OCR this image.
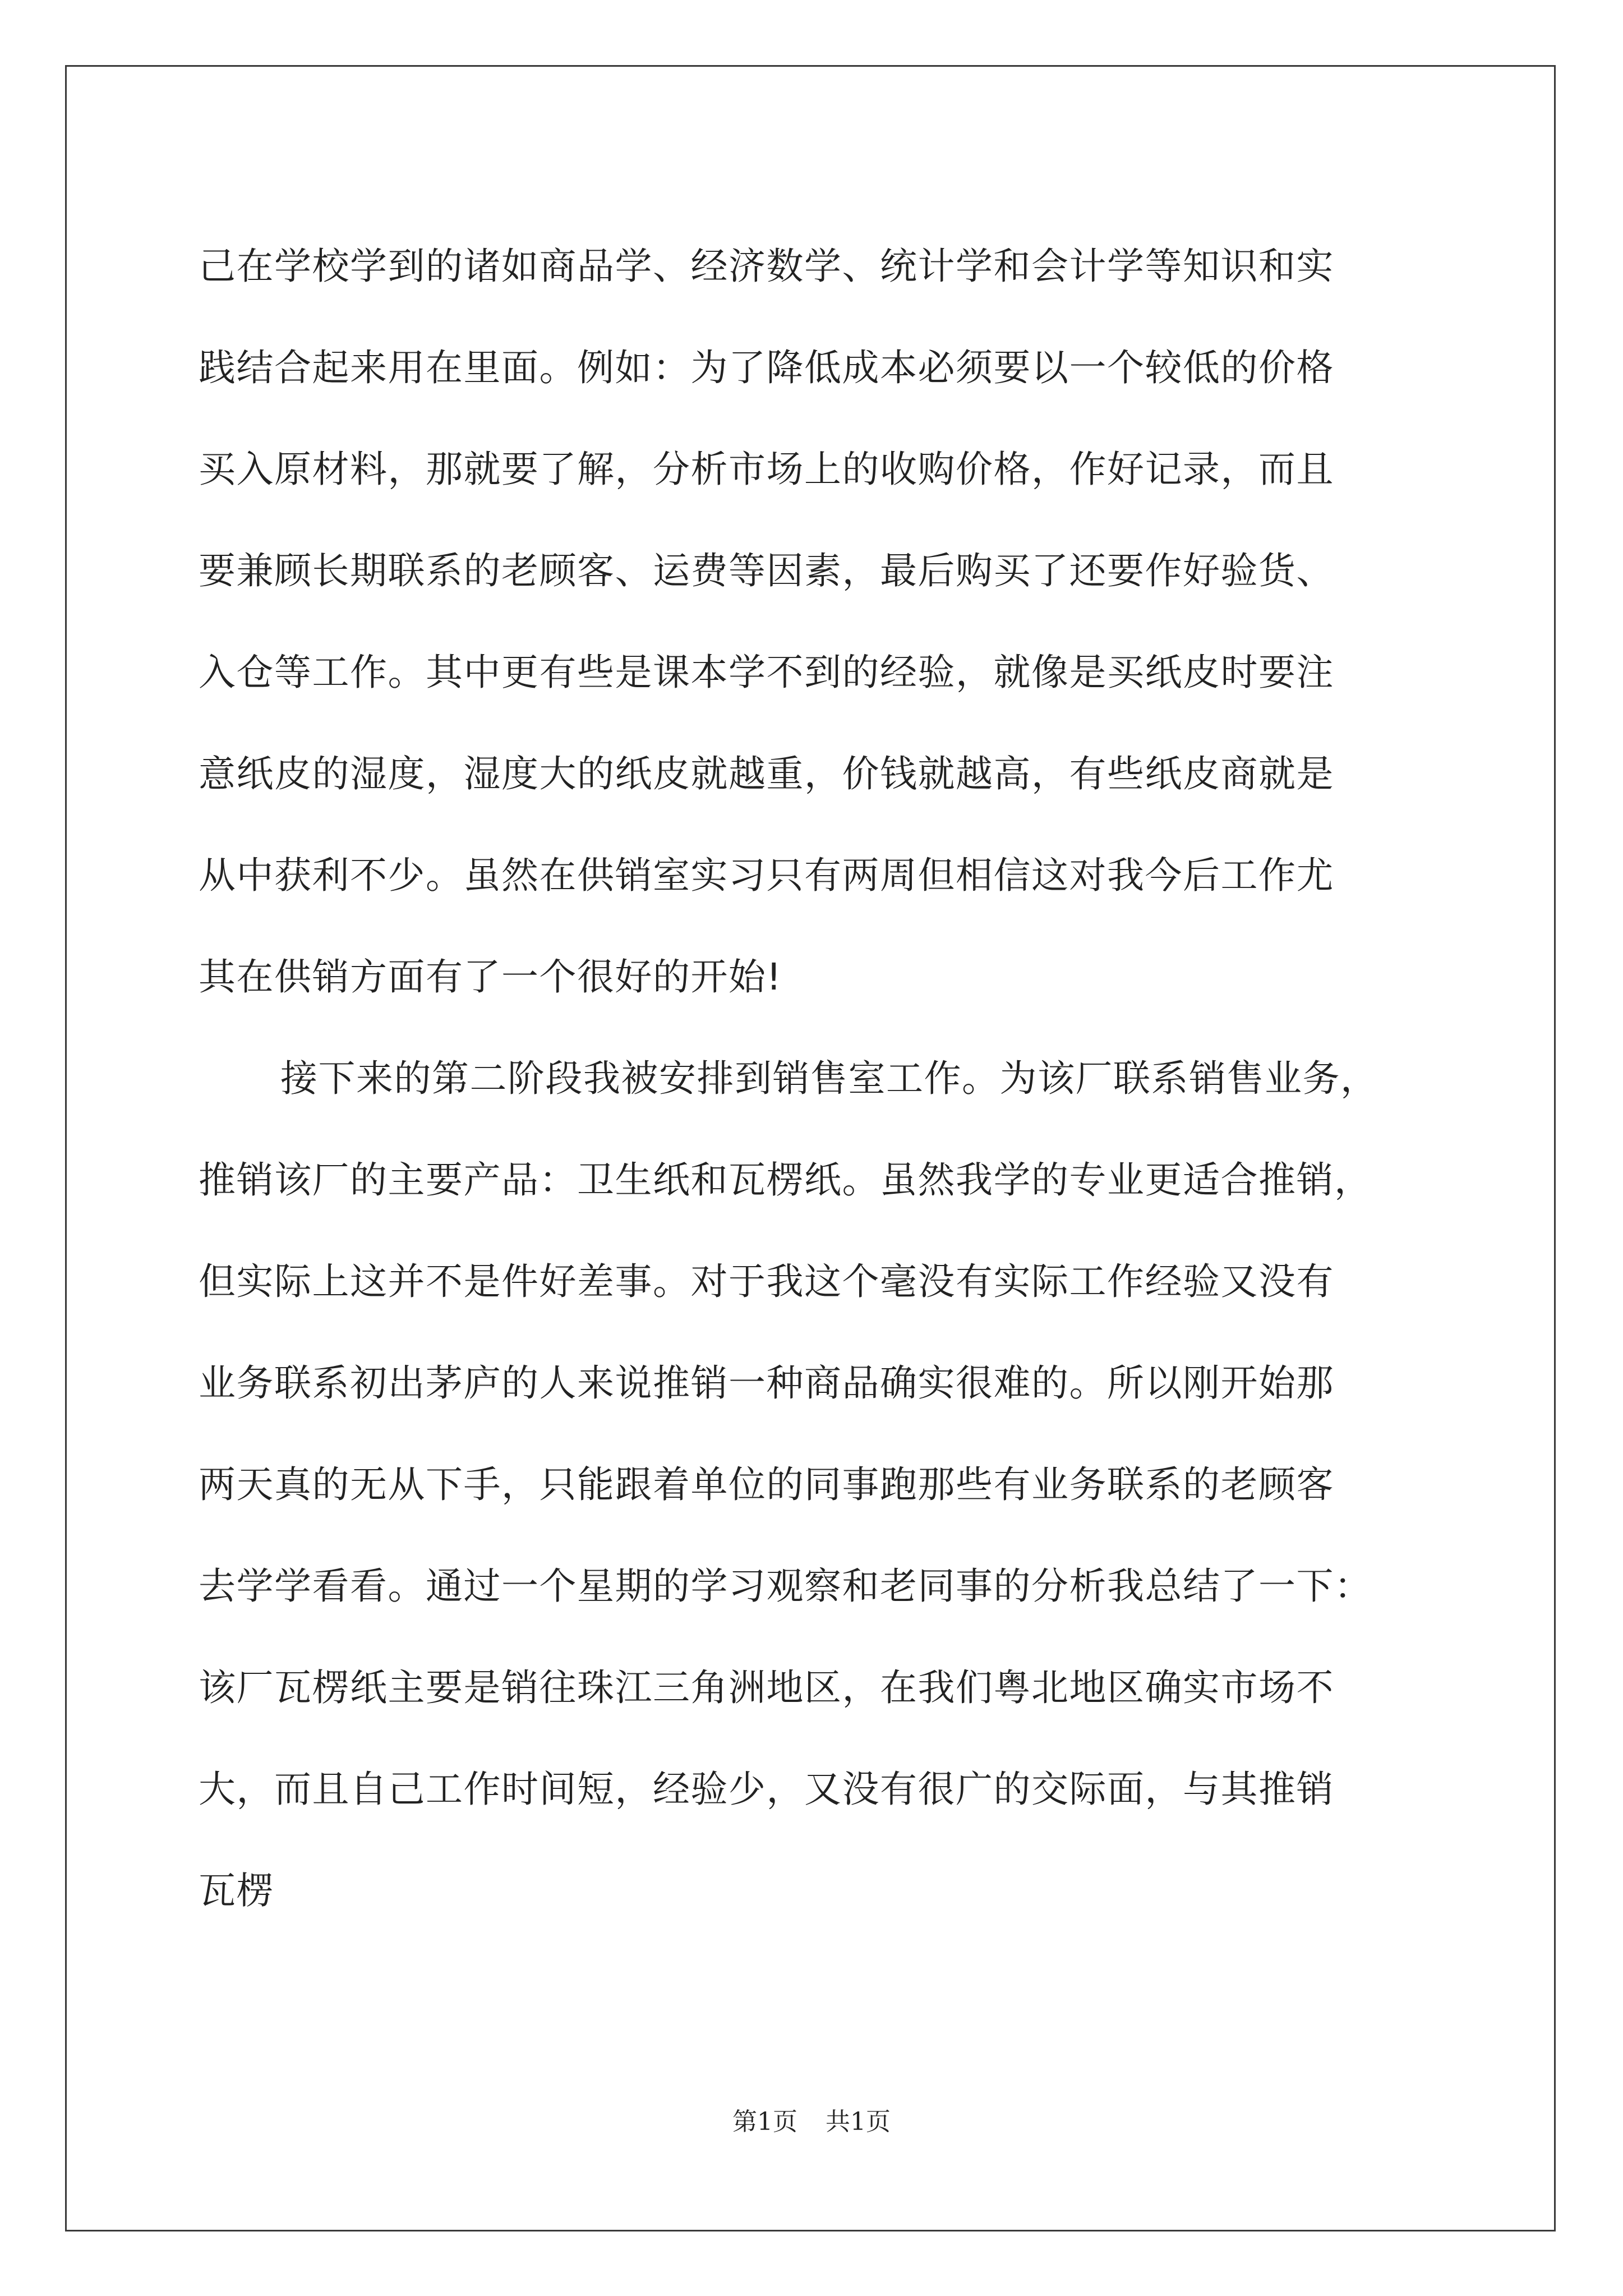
己在学校学到的诸如商品学、经济数学、统计学和会计学等知识和实
践结合起来用在里面。例如：为了降低成本必须要以一个较低的价格
买入原材料，那就要了解，分析市场上的收购价格，作好记录，而且
要兼顾长期联系的老顾客、运费等因素，最后购买了还要作好验货、
入仓等工作。其中更有些是课本学不到的经验，就像是买纸皮时要注
意纸皮的湿度，湿度大的纸皮就越重，价钱就越高，有些纸皮商就是
从中获利不少。虽然在供销室实习只有两周但相信这对我今后工作尤
其在供销方面有了一个很好的开始!
接下来的第二阶段我被安排到销售室工作。为该厂联系销售业务，
推销该厂的主要产品：卫生纸和瓦楞纸。虽然我学的专业更适合推销，
但实际上这并不是件好差事。对于我这个毫没有实际工作经验又没有
业务联系初出茅庐的人来说推销一种商品确实很难的。所以刚开始那
两天真的无从下手，只能跟着单位的同事跑那些有业务联系的老顾客
去学学看看。通过一个星期的学习观察和老同事的分析我总结了一下：
该厂瓦楞纸主要是销往珠江三角洲地区，在我们粤北地区确实市场不
大，而且自己工作时间短，经验少，又没有很广的交际面，与其推销
瓦楞
第1页 共1页
